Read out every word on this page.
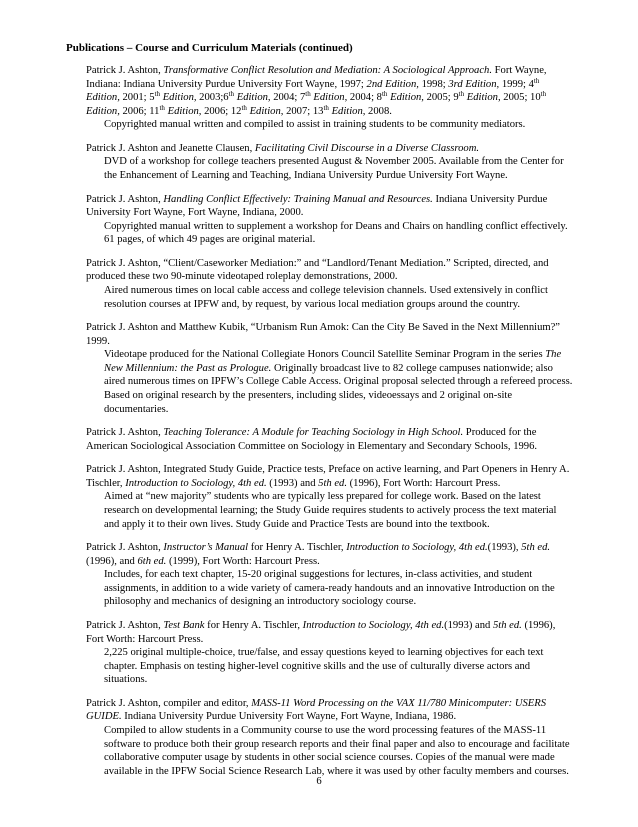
Publications – Course and Curriculum Materials (continued)
Patrick J. Ashton, Transformative Conflict Resolution and Mediation: A Sociological Approach. Fort Wayne, Indiana: Indiana University Purdue University Fort Wayne, 1997; 2nd Edition, 1998; 3rd Edition, 1999; 4th Edition, 2001; 5th Edition, 2003;6th Edition, 2004; 7th Edition, 2004; 8th Edition, 2005; 9th Edition, 2005; 10th Edition, 2006; 11th Edition, 2006; 12th Edition, 2007; 13th Edition, 2008.
Copyrighted manual written and compiled to assist in training students to be community mediators.
Patrick J. Ashton and Jeanette Clausen, Facilitating Civil Discourse in a Diverse Classroom.
DVD of a workshop for college teachers presented August & November 2005. Available from the Center for the Enhancement of Learning and Teaching, Indiana University Purdue University Fort Wayne.
Patrick J. Ashton, Handling Conflict Effectively: Training Manual and Resources. Indiana University Purdue University Fort Wayne, Fort Wayne, Indiana, 2000.
Copyrighted manual written to supplement a workshop for Deans and Chairs on handling conflict effectively. 61 pages, of which 49 pages are original material.
Patrick J. Ashton, “Client/Caseworker Mediation:” and “Landlord/Tenant Mediation.” Scripted, directed, and produced these two 90-minute videotaped roleplay demonstrations, 2000.
Aired numerous times on local cable access and college television channels. Used extensively in conflict resolution courses at IPFW and, by request, by various local mediation groups around the country.
Patrick J. Ashton and Matthew Kubik, “Urbanism Run Amok: Can the City Be Saved in the Next Millennium?” 1999.
Videotape produced for the National Collegiate Honors Council Satellite Seminar Program in the series The New Millennium: the Past as Prologue. Originally broadcast live to 82 college campuses nationwide; also aired numerous times on IPFW’s College Cable Access. Original proposal selected through a refereed process. Based on original research by the presenters, including slides, videoessays and 2 original on-site documentaries.
Patrick J. Ashton, Teaching Tolerance: A Module for Teaching Sociology in High School. Produced for the American Sociological Association Committee on Sociology in Elementary and Secondary Schools, 1996.
Patrick J. Ashton, Integrated Study Guide, Practice tests, Preface on active learning, and Part Openers in Henry A. Tischler, Introduction to Sociology, 4th ed. (1993) and 5th ed. (1996), Fort Worth: Harcourt Press.
Aimed at “new majority” students who are typically less prepared for college work. Based on the latest research on developmental learning; the Study Guide requires students to actively process the text material and apply it to their own lives. Study Guide and Practice Tests are bound into the textbook.
Patrick J. Ashton, Instructor’s Manual for Henry A. Tischler, Introduction to Sociology, 4th ed.(1993), 5th ed. (1996), and 6th ed. (1999), Fort Worth: Harcourt Press.
Includes, for each text chapter, 15-20 original suggestions for lectures, in-class activities, and student assignments, in addition to a wide variety of camera-ready handouts and an innovative Introduction on the philosophy and mechanics of designing an introductory sociology course.
Patrick J. Ashton, Test Bank for Henry A. Tischler, Introduction to Sociology, 4th ed.(1993) and 5th ed. (1996), Fort Worth: Harcourt Press.
2,225 original multiple-choice, true/false, and essay questions keyed to learning objectives for each text chapter. Emphasis on testing higher-level cognitive skills and the use of culturally diverse actors and situations.
Patrick J. Ashton, compiler and editor, MASS-11 Word Processing on the VAX 11/780 Minicomputer: USERS GUIDE. Indiana University Purdue University Fort Wayne, Fort Wayne, Indiana, 1986.
Compiled to allow students in a Community course to use the word processing features of the MASS-11 software to produce both their group research reports and their final paper and also to encourage and facilitate collaborative computer usage by students in other social science courses. Copies of the manual were made available in the IPFW Social Science Research Lab, where it was used by other faculty members and courses.
6
